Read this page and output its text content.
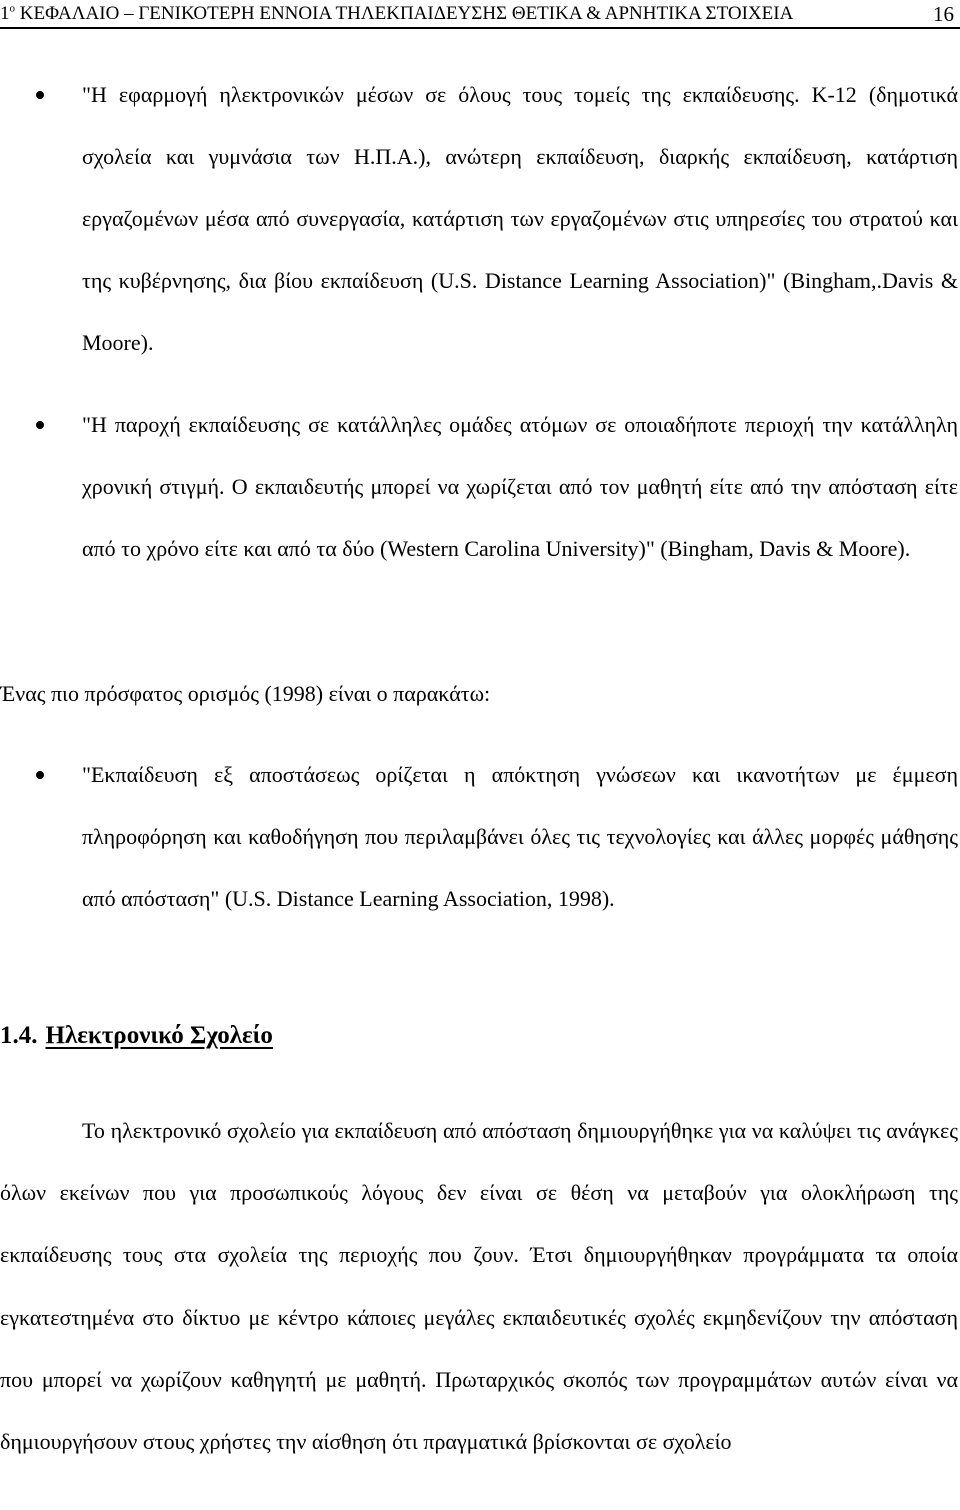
$1^o$ ΚΕΦΑΛΑΙΟ – ΓΕΝΙΚΟΤΕΡΗ ΕΝΝΟΙΑ ΤΗΛΕΚΠΑΙΔΕΥΣΗΣ ΘΕΤΙΚΑ & ΑΡΝΗΤΙΚΑ ΣΤΟΙΧΕΙΑ	16
"Η εφαρμογή ηλεκτρονικών μέσων σε όλους τους τομείς της εκπαίδευσης. Κ-12 (δημοτικά σχολεία και γυμνάσια των Η.Π.Α.), ανώτερη εκπαίδευση, διαρκής εκπαίδευση, κατάρτιση εργαζομένων μέσα από συνεργασία, κατάρτιση των εργαζομένων στις υπηρεσίες του στρατού και της κυβέρνησης, δια βίου εκπαίδευση (U.S. Distance Learning Association)" (Bingham,.Davis & Moore).
"Η παροχή εκπαίδευσης σε κατάλληλες ομάδες ατόμων σε οποιαδήποτε περιοχή την κατάλληλη χρονική στιγμή. Ο εκπαιδευτής μπορεί να χωρίζεται από τον μαθητή είτε από την απόσταση είτε από το χρόνο είτε και από τα δύο (Western Carolina University)" (Bingham, Davis & Moore).
Ένας πιο πρόσφατος ορισμός (1998) είναι ο παρακάτω:
"Εκπαίδευση εξ αποστάσεως ορίζεται η απόκτηση γνώσεων και ικανοτήτων με έμμεση πληροφόρηση και καθοδήγηση που περιλαμβάνει όλες τις τεχνολογίες και άλλες μορφές μάθησης από απόσταση" (U.S. Distance Learning Association, 1998).
1.4. Ηλεκτρονικό Σχολείο
Το ηλεκτρονικό σχολείο για εκπαίδευση από απόσταση δημιουργήθηκε για να καλύψει τις ανάγκες όλων εκείνων που για προσωπικούς λόγους δεν είναι σε θέση να μεταβούν για ολοκλήρωση της εκπαίδευσης τους στα σχολεία της περιοχής που ζουν. Έτσι δημιουργήθηκαν προγράμματα τα οποία εγκατεστημένα στο δίκτυο με κέντρο κάποιες μεγάλες εκπαιδευτικές σχολές εκμηδενίζουν την απόσταση που μπορεί να χωρίζουν καθηγητή με μαθητή. Πρωταρχικός σκοπός των προγραμμάτων αυτών είναι να δημιουργήσουν στους χρήστες την αίσθηση ότι πραγματικά βρίσκονται σε σχολείο
